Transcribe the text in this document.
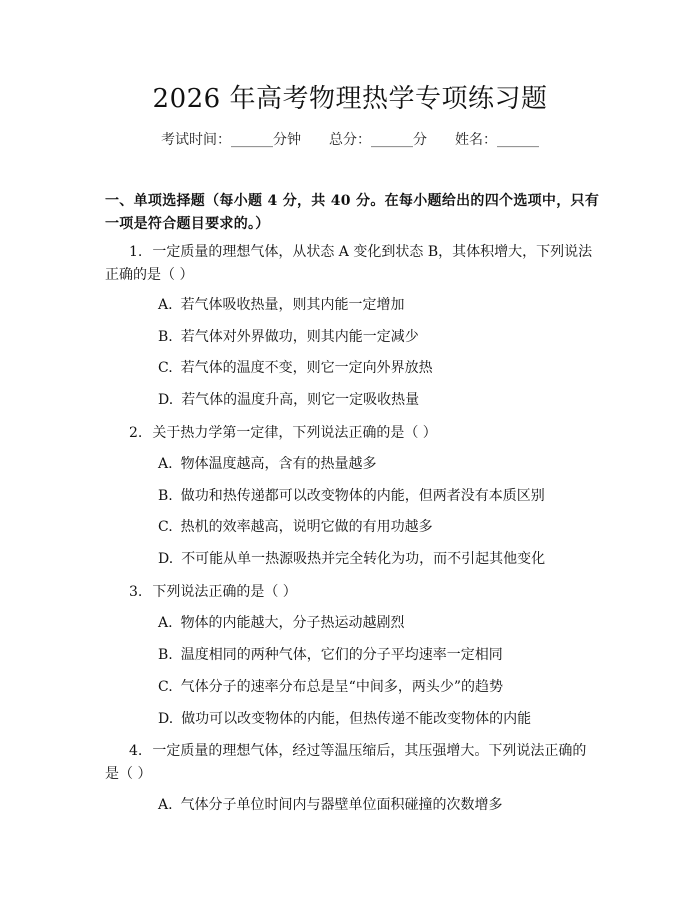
2026 年高考物理热学专项练习题
考试时间：______分钟 总分：______分 姓名：______
一、单项选择题（每小题 4 分，共 40 分。在每小题给出的四个选项中，只有一项是符合题目要求的。）
1. 一定质量的理想气体，从状态 A 变化到状态 B，其体积增大，下列说法正确的是（ ）
A. 若气体吸收热量，则其内能一定增加
B. 若气体对外界做功，则其内能一定减少
C. 若气体的温度不变，则它一定向外界放热
D. 若气体的温度升高，则它一定吸收热量
2. 关于热力学第一定律，下列说法正确的是（ ）
A. 物体温度越高，含有的热量越多
B. 做功和热传递都可以改变物体的内能，但两者没有本质区别
C. 热机的效率越高，说明它做的有用功越多
D. 不可能从单一热源吸热并完全转化为功，而不引起其他变化
3. 下列说法正确的是（ ）
A. 物体的内能越大，分子热运动越剧烈
B. 温度相同的两种气体，它们的分子平均速率一定相同
C. 气体分子的速率分布总是呈“中间多，两头少”的趋势
D. 做功可以改变物体的内能，但热传递不能改变物体的内能
4. 一定质量的理想气体，经过等温压缩后，其压强增大。下列说法正确的是（ ）
A. 气体分子单位时间内与器壁单位面积碰撞的次数增多
